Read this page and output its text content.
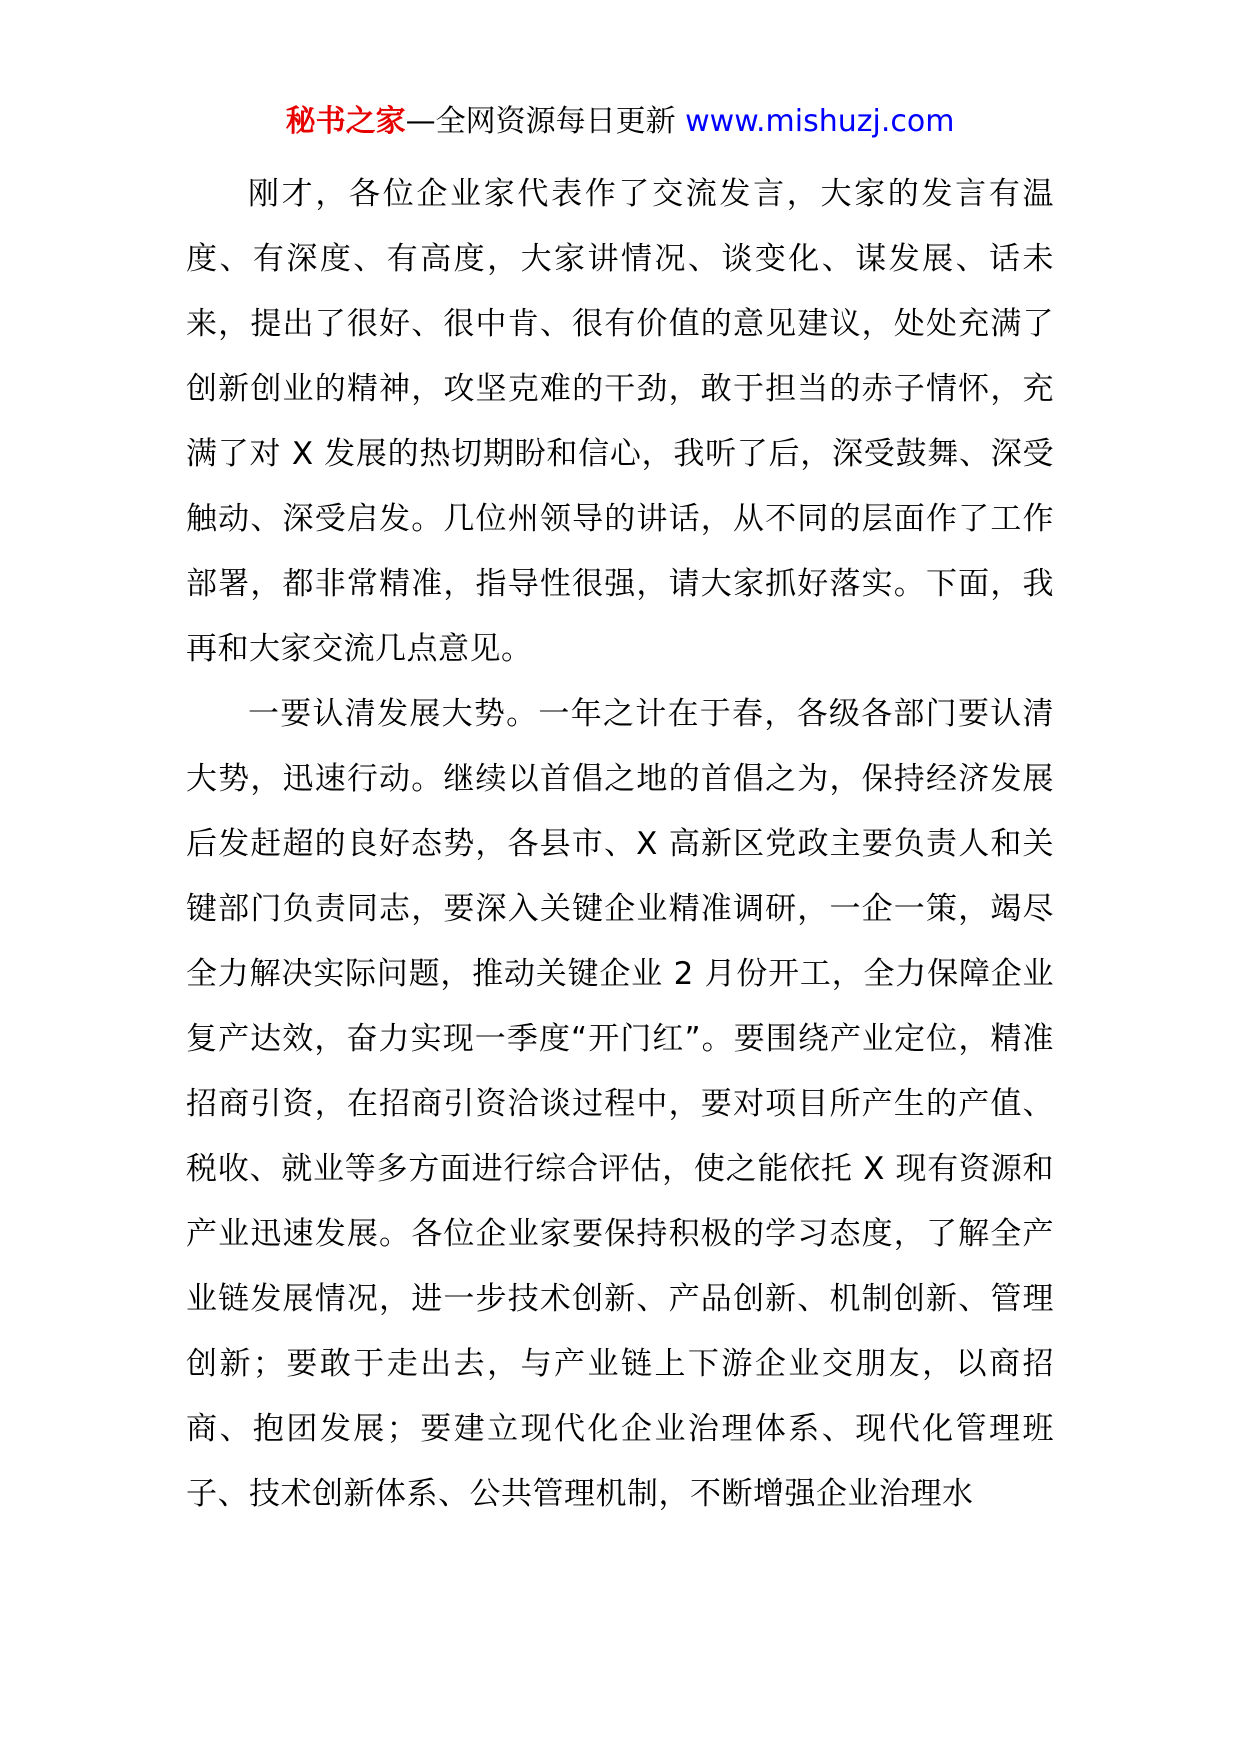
秘书之家—全网资源每日更新 www.mishuzj.com

刚才，各位企业家代表作了交流发言，大家的发言有温度、有深度、有高度，大家讲情况、谈变化、谋发展、话未来，提出了很好、很中肯、很有价值的意见建议，处处充满了创新创业的精神，攻坚克难的干劲，敢于担当的赤子情怀，充满了对 X 发展的热切期盼和信心，我听了后，深受鼓舞、深受触动、深受启发。几位州领导的讲话，从不同的层面作了工作部署，都非常精准，指导性很强，请大家抓好落实。下面，我再和大家交流几点意见。

一要认清发展大势。一年之计在于春，各级各部门要认清大势，迅速行动。继续以首倡之地的首倡之为，保持经济发展后发赶超的良好态势，各县市、X 高新区党政主要负责人和关键部门负责同志，要深入关键企业精准调研，一企一策，竭尽全力解决实际问题，推动关键企业 2 月份开工，全力保障企业复产达效，奋力实现一季度“开门红”。要围绕产业定位，精准招商引资，在招商引资洽谈过程中，要对项目所产生的产值、税收、就业等多方面进行综合评估，使之能依托 X 现有资源和产业迅速发展。各位企业家要保持积极的学习态度，了解全产业链发展情况，进一步技术创新、产品创新、机制创新、管理创新；要敢于走出去，与产业链上下游企业交朋友，以商招商、抱团发展；要建立现代化企业治理体系、现代化管理班子、技术创新体系、公共管理机制，不断增强企业治理水
